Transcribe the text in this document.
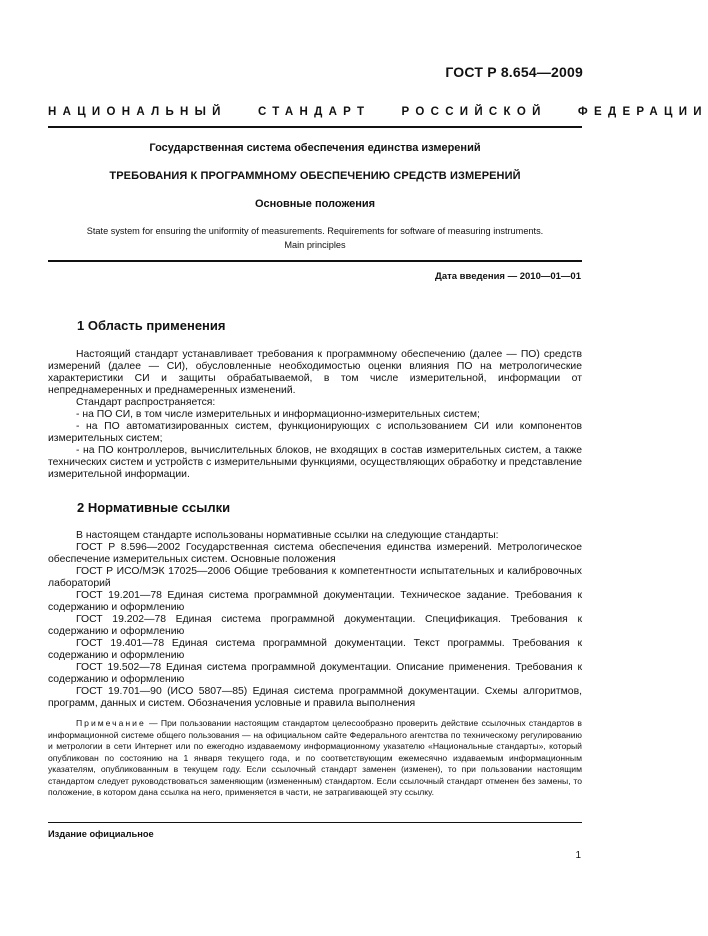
ГОСТ Р 8.654—2009
НАЦИОНАЛЬНЫЙ	СТАНДАРТ	РОССИЙСКОЙ	ФЕДЕРАЦИИ
Государственная система обеспечения единства измерений
ТРЕБОВАНИЯ К ПРОГРАММНОМУ ОБЕСПЕЧЕНИЮ СРЕДСТВ ИЗМЕРЕНИЙ
Основные положения
State system for ensuring the uniformity of measurements. Requirements for software of measuring instruments.
Main principles
Дата введения — 2010—01—01
1 Область применения

Настоящий стандарт устанавливает требования к программному обеспечению (далее — ПО) средств измерений (далее — СИ), обусловленные необходимостью оценки влияния ПО на метрологические характеристики СИ и защиты обрабатываемой, в том числе измерительной, информации от непреднамеренных и преднамеренных изменений.

Стандарт распространяется:

- на ПО СИ, в том числе измерительных и информационно-измерительных систем;

- на ПО автоматизированных систем, функционирующих с использованием СИ или компонентов измерительных систем;

- на ПО контроллеров, вычислительных блоков, не входящих в состав измерительных систем, а также технических систем и устройств с измерительными функциями, осуществляющих обработку и представление измерительной информации.

2 Нормативные ссылки

В настоящем стандарте использованы нормативные ссылки на следующие стандарты:

ГОСТ Р 8.596—2002 Государственная система обеспечения единства измерений. Метрологическое обеспечение измерительных систем. Основные положения

ГОСТ Р ИСО/МЭК 17025—2006 Общие требования к компетентности испытательных и калибровочных лабораторий

ГОСТ 19.201—78 Единая система программной документации. Техническое задание. Требования к содержанию и оформлению

ГОСТ 19.202—78 Единая система программной документации. Спецификация. Требования к содержанию и оформлению

ГОСТ 19.401—78 Единая система программной документации. Текст программы. Требования к содержанию и оформлению

ГОСТ 19.502—78 Единая система программной документации. Описание применения. Требования к содержанию и оформлению

ГОСТ 19.701—90 (ИСО 5807—85) Единая система программной документации. Схемы алгоритмов, программ, данных и систем. Обозначения условные и правила выполнения

Примечание — При пользовании настоящим стандартом целесообразно проверить действие ссылочных стандартов в информационной системе общего пользования — на официальном сайте Федерального агентства по техническому регулированию и метрологии в сети Интернет или по ежегодно издаваемому информационному указателю «Национальные стандарты», который опубликован по состоянию на 1 января текущего года, и по соответствующим ежемесячно издаваемым информационным указателям, опубликованным в текущем году. Если ссылочный стандарт заменен (изменен), то при пользовании настоящим стандартом следует руководствоваться заменяющим (измененным) стандартом. Если ссылочный стандарт отменен без замены, то положение, в котором дана ссылка на него, применяется в части, не затрагивающей эту ссылку.

Издание официальное
1
